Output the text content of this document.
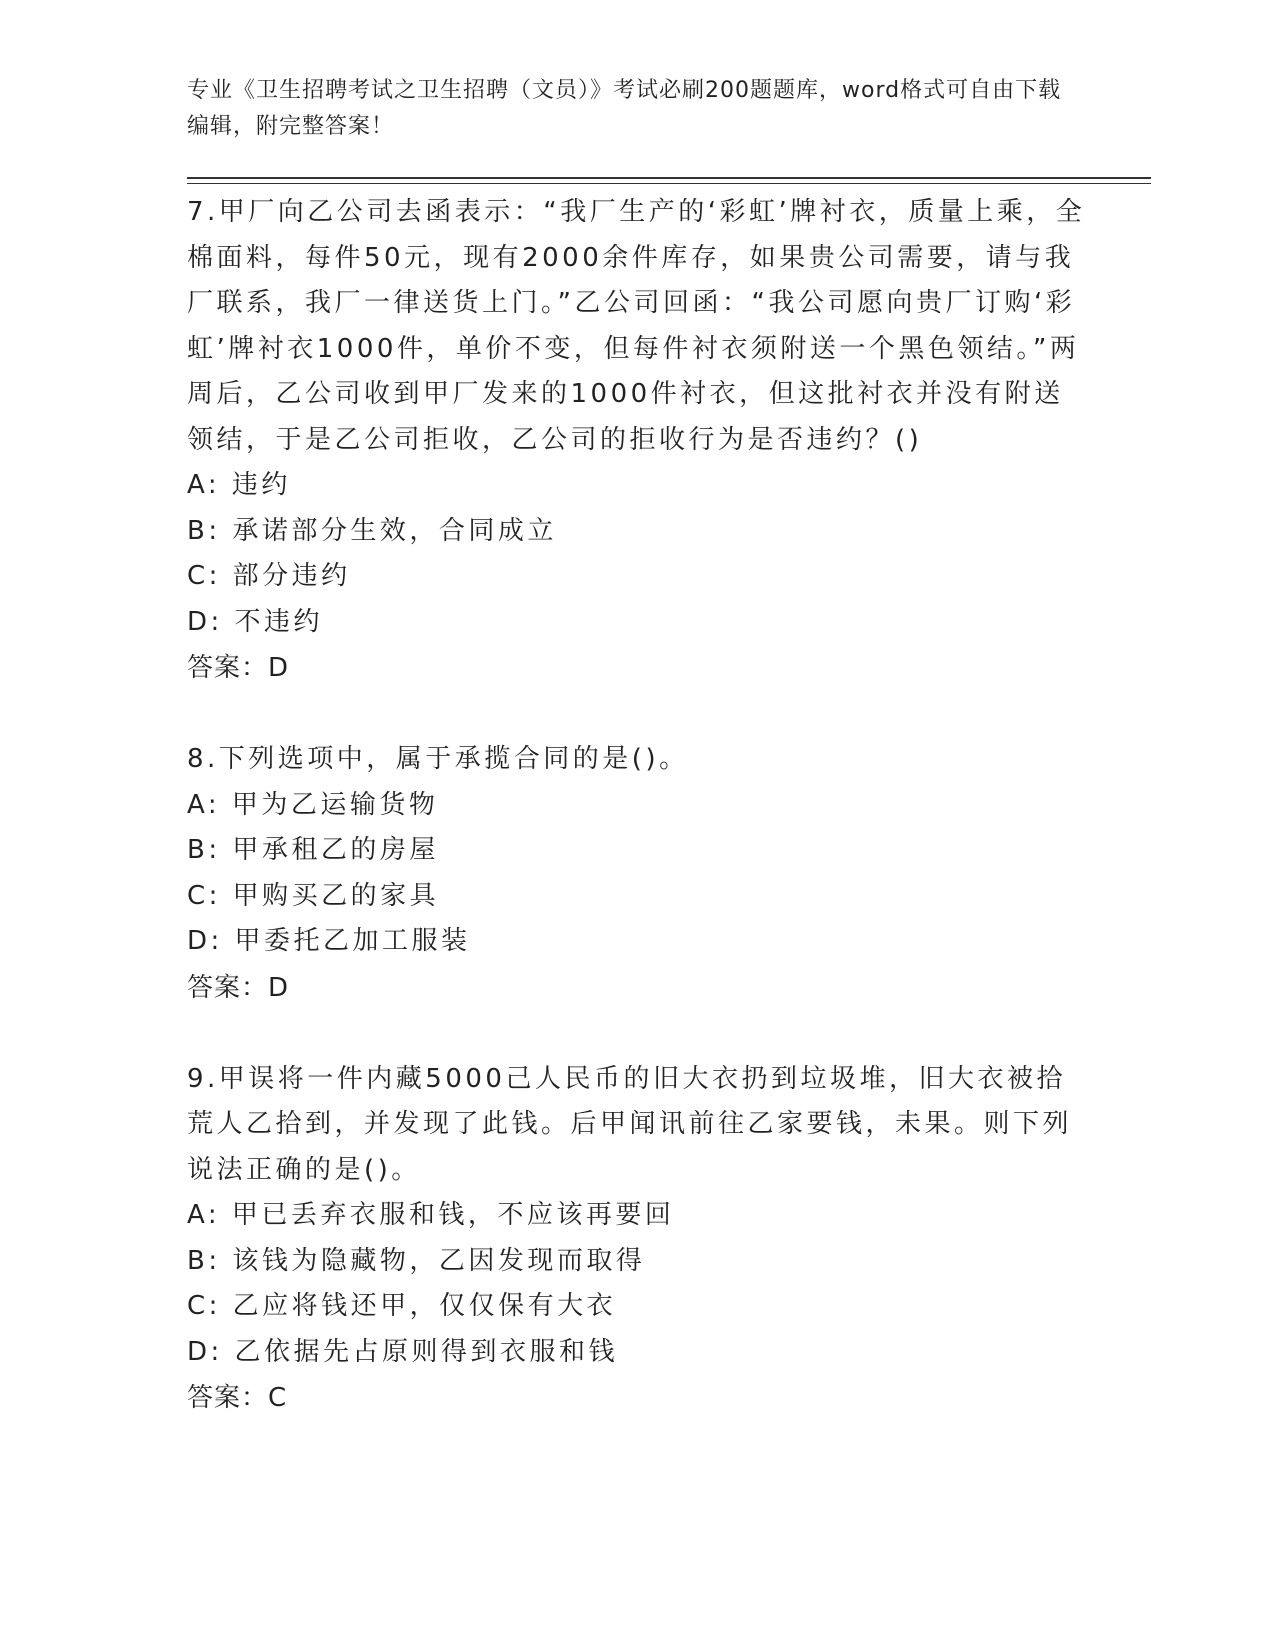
专业《卫生招聘考试之卫生招聘（文员）》考试必刷200题题库，word格式可自由下载编辑，附完整答案！

7.甲厂向乙公司去函表示：“我厂生产的‘彩虹’牌衬衣，质量上乘，全棉面料，每件50元，现有2000余件库存，如果贵公司需要，请与我厂联系，我厂一律送货上门。”乙公司回函：“我公司愿向贵厂订购‘彩虹’牌衬衣1000件，单价不变，但每件衬衣须附送一个黑色领结。”两周后，乙公司收到甲厂发来的1000件衬衣，但这批衬衣并没有附送领结，于是乙公司拒收，乙公司的拒收行为是否违约？()

A: 违约

B: 承诺部分生效，合同成立

C: 部分违约

D: 不违约

答案：D

8.下列选项中，属于承揽合同的是()。

A: 甲为乙运输货物

B: 甲承租乙的房屋

C: 甲购买乙的家具

D: 甲委托乙加工服装

答案：D

9.甲误将一件内藏5000己人民币的旧大衣扔到垃圾堆，旧大衣被拾荒人乙拾到，并发现了此钱。后甲闻讯前往乙家要钱，未果。则下列说法正确的是()。

A: 甲已丢弃衣服和钱，不应该再要回

B: 该钱为隐藏物，乙因发现而取得

C: 乙应将钱还甲，仅仅保有大衣

D: 乙依据先占原则得到衣服和钱

答案：C
